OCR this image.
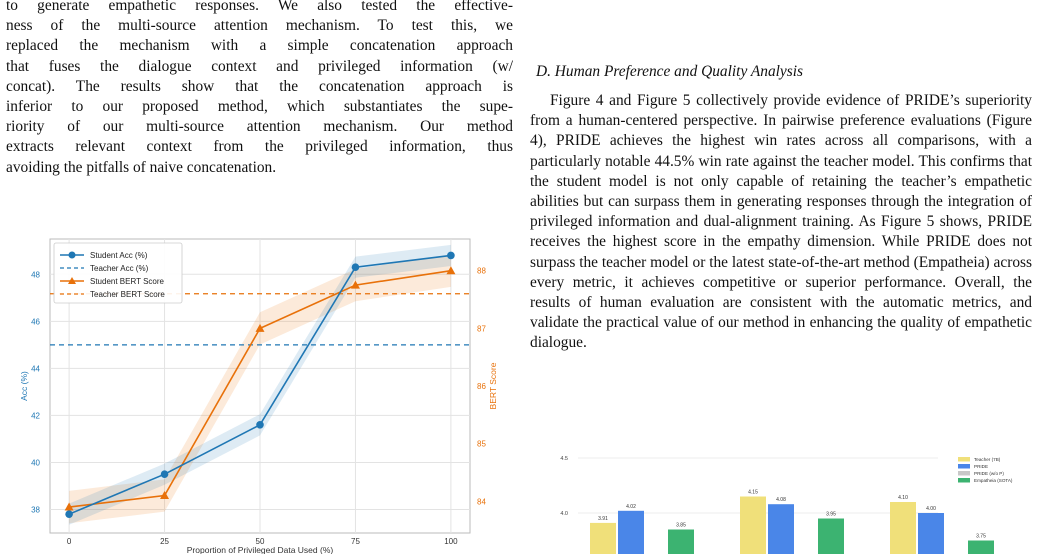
to generate empathetic responses. We also tested the effective-
ness of the multi-source attention mechanism. To test this, we
replaced the mechanism with a simple concatenation approach
that fuses the dialogue context and privileged information (w/
concat). The results show that the concatenation approach is
inferior to our proposed method, which substantiates the supe-
riority of our multi-source attention mechanism. Our method
extracts relevant context from the privileged information, thus
avoiding the pitfalls of naive concatenation.
38
40
42
44
46
48
84
85
86
87
88
0	25	50	75	100
Proportion of Privileged Data Used (%)
Acc (%)	BERT Score
Student Acc (%)
Teacher Acc (%)
Student BERT Score
Teacher BERT Score
D. Human Preference and Quality Analysis

Figure 4 and Figure 5 collectively provide evidence of PRIDE’s superiority from a human-centered perspective. In pairwise preference evaluations (Figure 4), PRIDE achieves the highest win rates across all comparisons, with a particularly notable 44.5% win rate against the teacher model. This confirms that the student model is not only capable of retaining the teacher’s empathetic abilities but can surpass them in generating responses through the integration of privileged information and dual-alignment training. As Figure 5 shows, PRIDE receives the highest score in the empathy dimension. While PRIDE does not surpass the teacher model or the latest state-of-the-art method (Empatheia) across every metric, it achieves competitive or superior performance. Overall, the results of human evaluation are consistent with the automatic metrics, and validate the practical value of our method in enhancing the quality of empathetic dialogue.

4.5
4.0
3.91
4.15
4.10
4.02
4.08
4.00
3.85
3.95
3.75
Teacher (7B)
PRIDE
PRIDE (w/o P)
Empatheia (SOTA)
